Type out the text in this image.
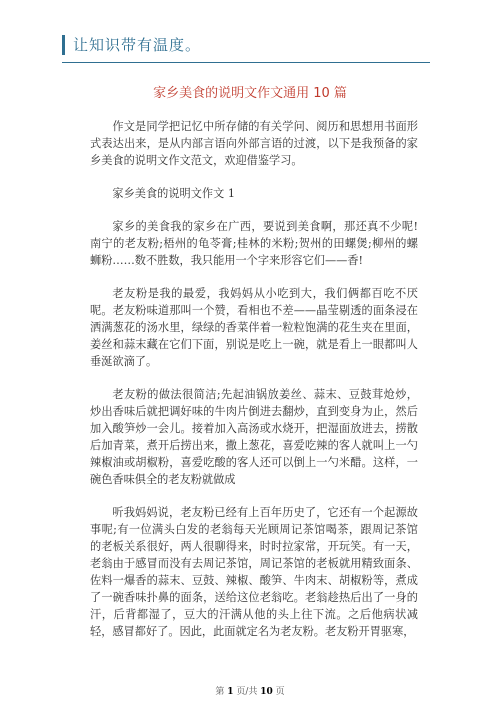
让知识带有温度。
家乡美食的说明文作文通用 10 篇

作文是同学把记忆中所存储的有关学问、阅历和思想用书面形式表达出来，是从内部言语向外部言语的过渡，以下是我预备的家乡美食的说明文作文范文，欢迎借鉴学习。

家乡美食的说明文作文 1

家乡的美食我的家乡在广西，要说到美食啊，那还真不少呢!南宁的老友粉;梧州的龟苓膏;桂林的米粉;贺州的田螺煲;柳州的螺蛳粉……数不胜数，我只能用一个字来形容它们——香!

老友粉是我的最爱，我妈妈从小吃到大，我们俩都百吃不厌呢。老友粉味道那叫一个赞，看相也不差——晶莹剔透的面条浸在洒满葱花的汤水里，绿绿的香菜伴着一粒粒饱满的花生夹在里面，姜丝和蒜末藏在它们下面，别说是吃上一碗，就是看上一眼都叫人垂涎欲滴了。

老友粉的做法很简洁;先起油锅放姜丝、蒜末、豆鼓茸炝炒，炒出香味后就把调好味的牛肉片倒进去翻炒，直到变身为止，然后加入酸笋炒一会儿。接着加入高汤或水烧开，把湿面放进去，捞散后加青菜，煮开后捞出来，撒上葱花，喜爱吃辣的客人就叫上一勺辣椒油或胡椒粉，喜爱吃酸的客人还可以倒上一勺米醋。这样，一碗色香味俱全的老友粉就做成

听我妈妈说，老友粉已经有上百年历史了，它还有一个起源故事呢;有一位满头白发的老翁每天光顾周记茶馆喝茶，跟周记茶馆的老板关系很好，两人很聊得来，时时拉家常，开玩笑。有一天，老翁由于感冒而没有去周记茶馆，周记茶馆的老板就用精致面条、佐料一爆香的蒜末、豆鼓、辣椒、酸笋、牛肉末、胡椒粉等，煮成了一碗香味扑鼻的面条，送给这位老翁吃。老翁趁热后出了一身的汗，后背都湿了，豆大的汗满从他的头上往下流。之后他病状减轻，感冒都好了。因此，此面就定名为老友粉。老友粉开胃驱寒，

第 1 页/共 10 页
